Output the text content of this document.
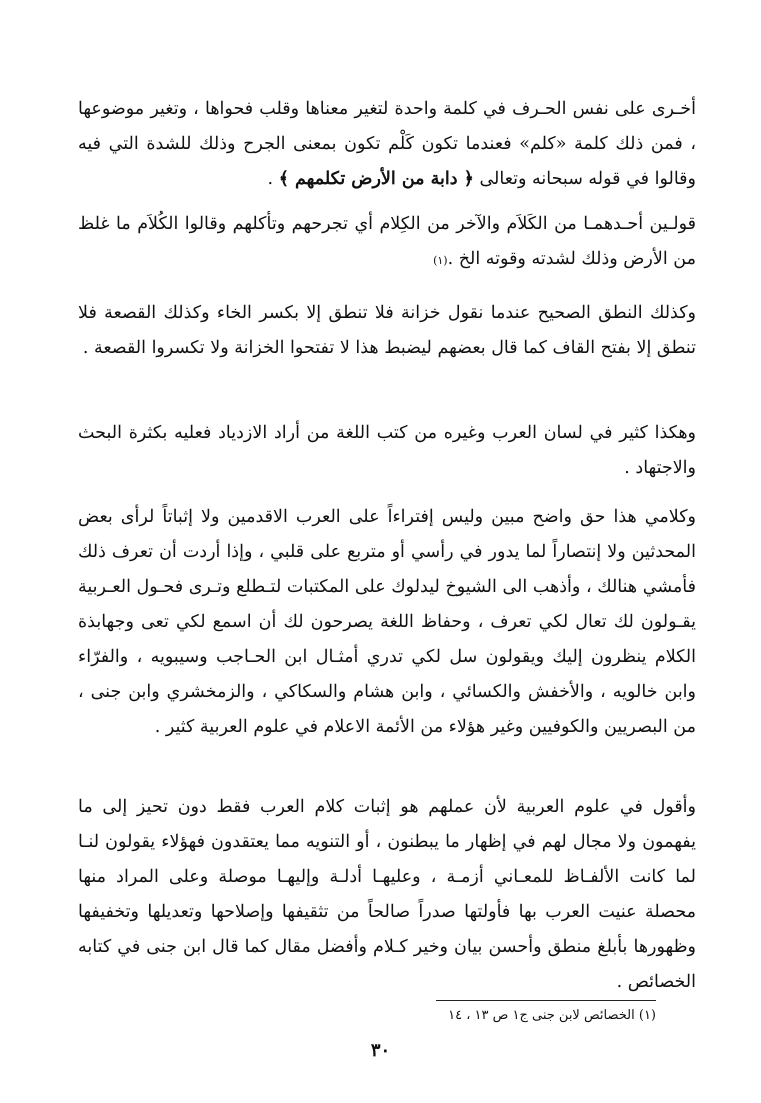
أخـرى على نفس الحـرف في كلمة واحدة لتغير معناها وقلب فحواها ، وتغير موضوعها ، فمن ذلك كلمة «كلم» فعندما تكون كَلْم تكون بمعنى الجرح وذلك للشدة التي فيه وقالوا في قوله سبحانه وتعالى ﴿ دابة من الأرض تكلمهم ﴾ .

قولـين أحـدهمـا من الكَلاَم والآخر من الكِلام أي تجرحهم وتأكلهم وقالوا الكُلاَم ما غلظ من الأرض وذلك لشدته وقوته الخ .(١)

وكذلك النطق الصحيح عندما نقول خزانة فلا تنطق إلا بكسر الخاء وكذلك القصعة فلا تنطق إلا بفتح القاف كما قال بعضهم ليضبط هذا لا تفتحوا الخزانة ولا تكسروا القصعة .

وهكذا كثير في لسان العرب وغيره من كتب اللغة من أراد الازدياد فعليه بكثرة البحث والاجتهاد .

وكلامي هذا حق واضح مبين وليس إفتراءاً على العرب الاقدمين ولا إثباتاً لرأى بعض المحدثين ولا إنتصاراً لما يدور في رأسي أو متربع على قلبي ، وإذا أردت أن تعرف ذلك فأمشي هنالك ، وأذهب الى الشيوخ ليدلوك على المكتبات لتـطلع وتـرى فحـول العـربية يقـولون لك تعال لكي تعرف ، وحفاظ اللغة يصرحون لك أن اسمع لكي تعى وجهابذة الكلام ينظرون إليك ويقولون سل لكي تدري أمثـال ابن الحـاجب وسيبويه ، والفرّاء وابن خالويه ، والأخفش والكسائي ، وابن هشام والسكاكي ، والزمخشري وابن جنى ، من البصريين والكوفيين وغير هؤلاء من الأئمة الاعلام في علوم العربية كثير .

وأقول في علوم العربية لأن عملهم هو إثبات كلام العرب فقط دون تحيز إلى ما يفهمون ولا مجال لهم في إظهار ما يبطنون ، أو التنويه مما يعتقدون فهؤلاء يقولون لنـا لما كانت الألفـاظ للمعـاني أزمـة ، وعليهـا أدلـة وإليهـا موصلة وعلى المراد منها محصلة عنيت العرب بها فأولتها صدراً صالحاً من تثقيفها وإصلاحها وتعديلها وتخفيفها وظهورها بأبلغ منطق وأحسن بيان وخير كـلام وأفضل مقال كما قال ابن جنى في كتابه الخصائص .

(١) الخصائص لابن جنى ج١ ص ١٣ ، ١٤
٣٠
